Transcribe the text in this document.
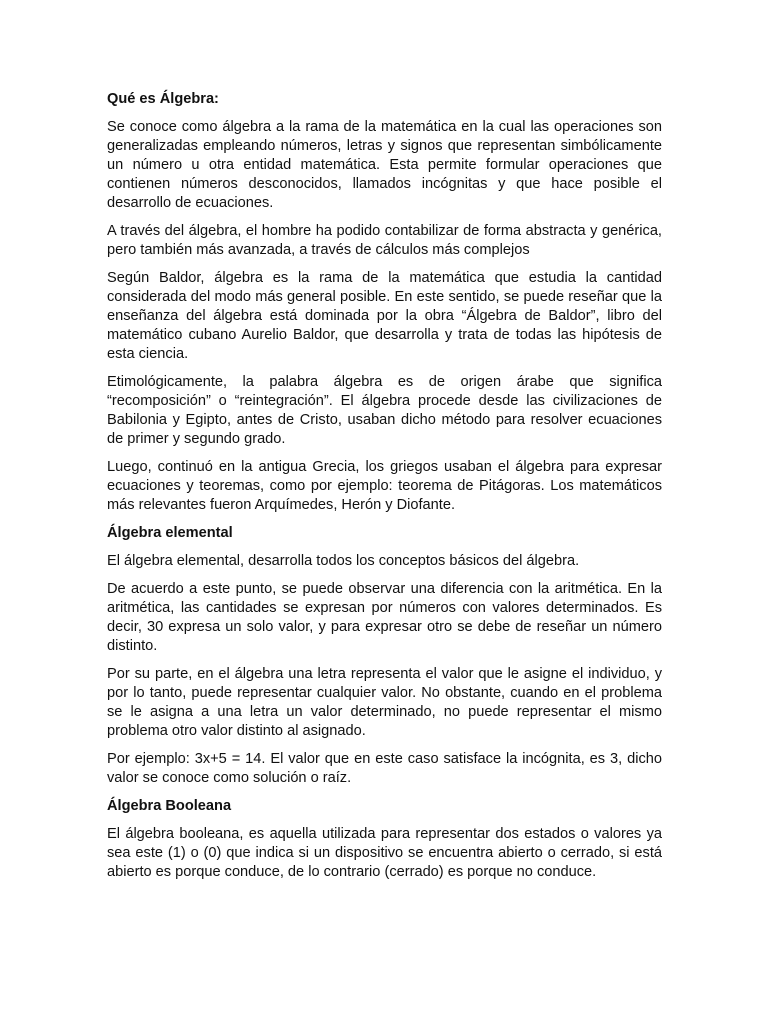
Qué es Álgebra:

Se conoce como álgebra a la rama de la matemática en la cual las operaciones son generalizadas empleando números, letras y signos que representan simbólicamente un número u otra entidad matemática. Esta permite formular operaciones que contienen números desconocidos, llamados incógnitas y que hace posible el desarrollo de ecuaciones.

A través del álgebra, el hombre ha podido contabilizar de forma abstracta y genérica, pero también más avanzada, a través de cálculos más complejos

Según Baldor, álgebra es la rama de la matemática que estudia la cantidad considerada del modo más general posible. En este sentido, se puede reseñar que la enseñanza del álgebra está dominada por la obra “Álgebra de Baldor”, libro del matemático cubano Aurelio Baldor, que desarrolla y trata de todas las hipótesis de esta ciencia.

Etimológicamente, la palabra álgebra es de origen árabe que significa “recomposición” o “reintegración”. El álgebra procede desde las civilizaciones de Babilonia y Egipto, antes de Cristo, usaban dicho método para resolver ecuaciones de primer y segundo grado.

Luego, continuó en la antigua Grecia, los griegos usaban el álgebra para expresar ecuaciones y teoremas, como por ejemplo: teorema de Pitágoras. Los matemáticos más relevantes fueron Arquímedes, Herón y Diofante.

Álgebra elemental

El álgebra elemental, desarrolla todos los conceptos básicos del álgebra.

De acuerdo a este punto, se puede observar una diferencia con la aritmética. En la aritmética, las cantidades se expresan por números con valores determinados. Es decir, 30 expresa un solo valor, y para expresar otro se debe de reseñar un número distinto.

Por su parte, en el álgebra una letra representa el valor que le asigne el individuo, y por lo tanto, puede representar cualquier valor. No obstante, cuando en el problema se le asigna a una letra un valor determinado, no puede representar el mismo problema otro valor distinto al asignado.

Por ejemplo: 3x+5 = 14. El valor que en este caso satisface la incógnita, es 3, dicho valor se conoce como solución o raíz.

Álgebra Booleana

El álgebra booleana, es aquella utilizada para representar dos estados o valores ya sea este (1) o (0) que indica si un dispositivo se encuentra abierto o cerrado, si está abierto es porque conduce, de lo contrario (cerrado) es porque no conduce.
